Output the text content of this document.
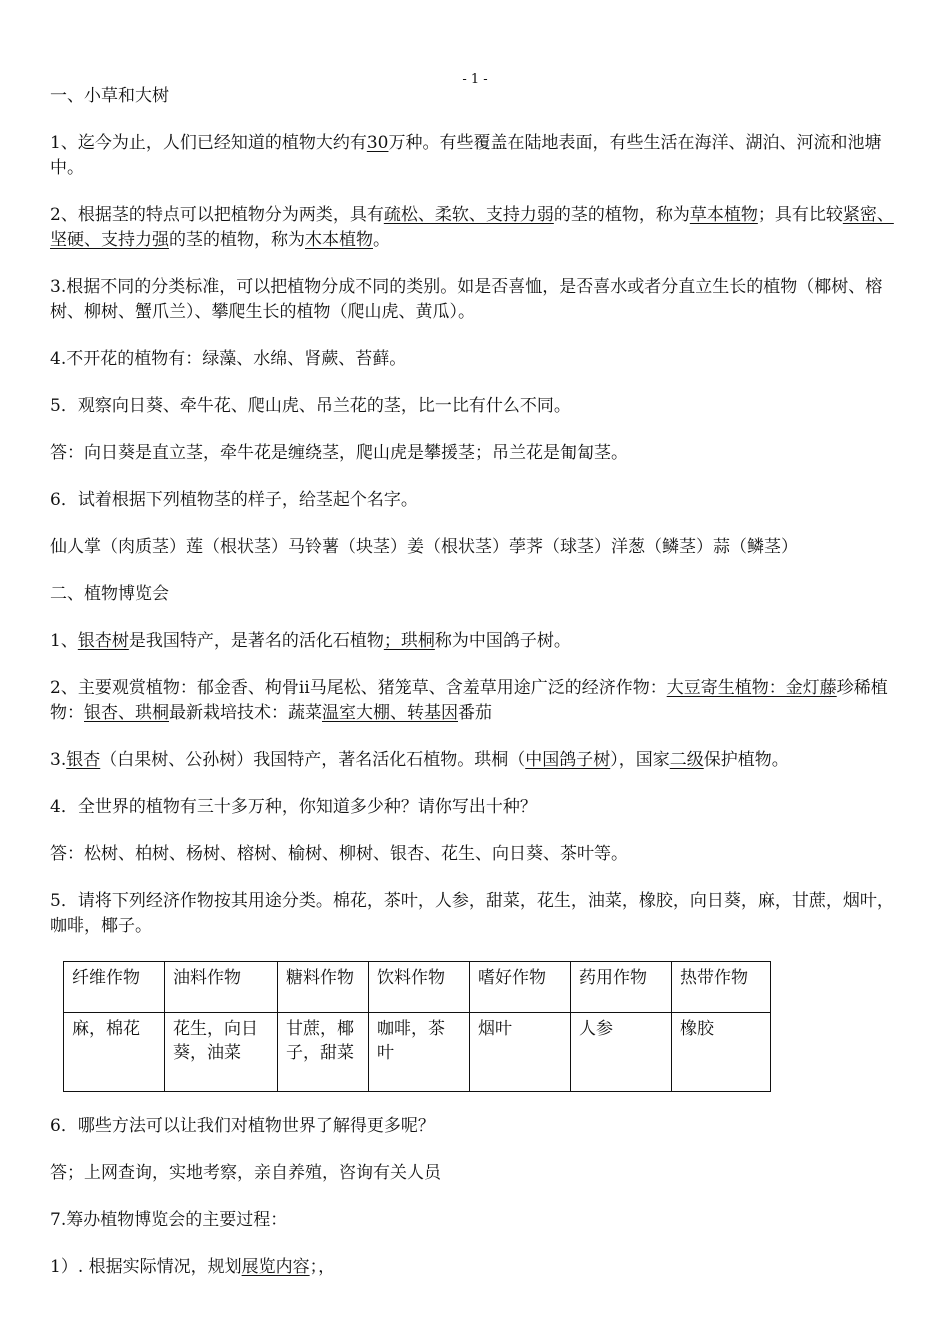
- 1 -

一、小草和大树

1、迄今为止，人们已经知道的植物大约有30万种。有些覆盖在陆地表面，有些生活在海洋、湖泊、河流和池塘中。

2、根据茎的特点可以把植物分为两类，具有疏松、柔软、支持力弱的茎的植物，称为草本植物；具有比较紧密、坚硬、支持力强的茎的植物，称为木本植物。

3.根据不同的分类标准，可以把植物分成不同的类别。如是否喜恤，是否喜水或者分直立生长的植物（椰树、榕树、柳树、蟹爪兰）、攀爬生长的植物（爬山虎、黄瓜）。

4.不开花的植物有：绿藻、水绵、肾蕨、苔藓。

5．观察向日葵、牵牛花、爬山虎、吊兰花的茎，比一比有什么不同。

答：向日葵是直立茎，牵牛花是缠绕茎，爬山虎是攀援茎；吊兰花是匍匐茎。

6．试着根据下列植物茎的样子，给茎起个名字。

仙人掌（肉质茎）莲（根状茎）马铃薯（块茎）姜（根状茎）荸荠（球茎）洋葱（鳞茎）蒜（鳞茎）

二、植物博览会

1、银杏树是我国特产，是著名的活化石植物；珙桐称为中国鸽子树。

2、主要观赏植物：郁金香、枸骨ⅱ马尾松、猪笼草、含羞草用途广泛的经济作物：大豆寄生植物：金灯藤珍稀植物：银杏、珙桐最新栽培技术：蔬菜温室大棚、转基因番茄

3.银杏（白果树、公孙树）我国特产，著名活化石植物。珙桐（中国鸽子树），国家二级保护植物。

4．全世界的植物有三十多万种，你知道多少种？请你写出十种？

答：松树、柏树、杨树、榕树、榆树、柳树、银杏、花生、向日葵、茶叶等。

5．请将下列经济作物按其用途分类。棉花，茶叶，人参，甜菜，花生，油菜，橡胶，向日葵，麻，甘蔗，烟叶，咖啡，椰子。

纤维作物	油料作物	糖料作物	饮料作物	嗜好作物	药用作物	热带作物
麻，棉花	花生，向日葵，油菜	甘蔗，椰子，甜菜	咖啡，茶叶	烟叶	人参	橡胶

6．哪些方法可以让我们对植物世界了解得更多呢？

答；上网查询，实地考察，亲自养殖，咨询有关人员

7.筹办植物博览会的主要过程：

1）. 根据实际情况，规划展览内容；，
